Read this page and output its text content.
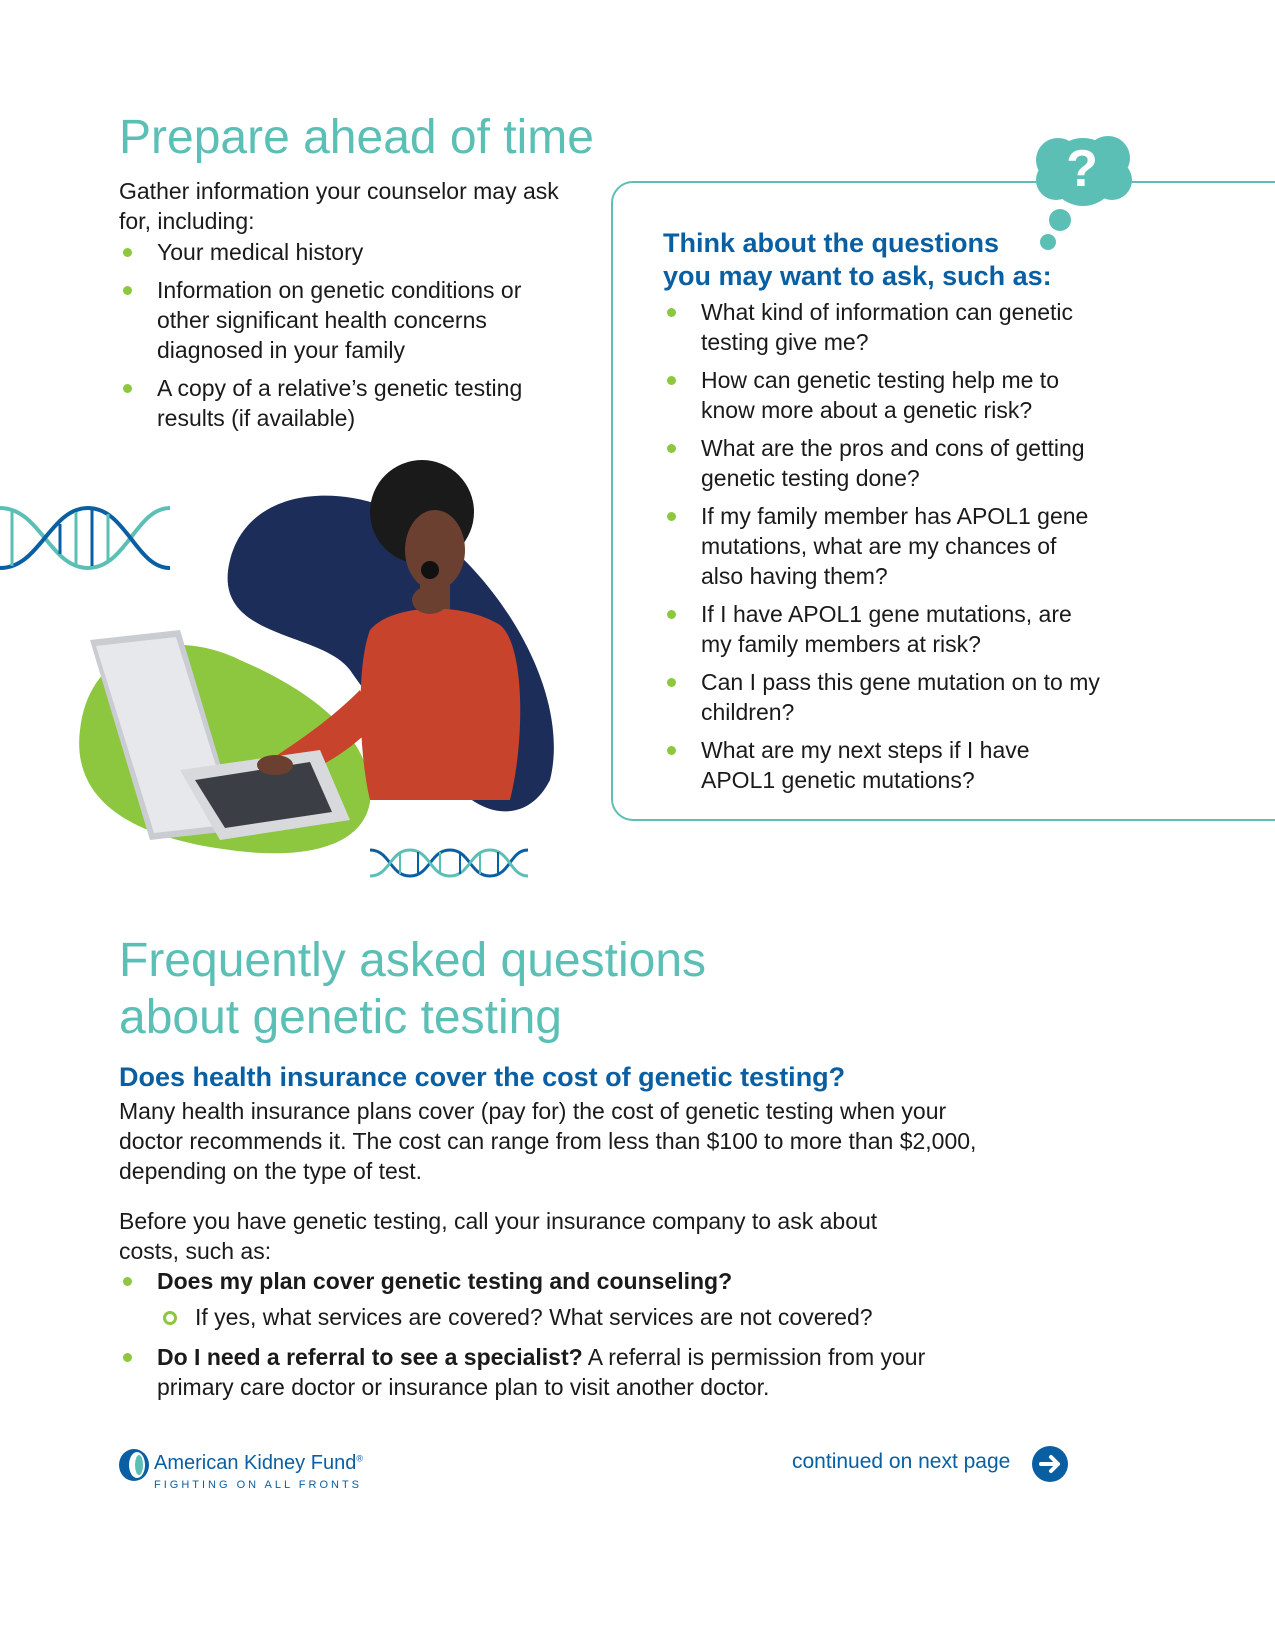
Prepare ahead of time

Gather information your counselor may ask for, including:

Your medical history
Information on genetic conditions or other significant health concerns diagnosed in your family
A copy of a relative’s genetic testing results (if available)
?
Think about the questions
you may want to ask, such as:
What kind of information can genetic testing give me?
How can genetic testing help me to know more about a genetic risk?
What are the pros and cons of getting genetic testing done?
If my family member has APOL1 gene mutations, what are my chances of also having them?
If I have APOL1 gene mutations, are my family members at risk?
Can I pass this gene mutation on to my children?
What are my next steps if I have APOL1 genetic mutations?
Frequently asked questions
about genetic testing
Does health insurance cover the cost of genetic testing?

Many health insurance plans cover (pay for) the cost of genetic testing when your doctor recommends it. The cost can range from less than $100 to more than $2,000, depending on the type of test.

Before you have genetic testing, call your insurance company to ask about costs, such as:

Does my plan cover genetic testing and counseling?
If yes, what services are covered? What services are not covered?
Do I need a referral to see a specialist? A referral is permission from your primary care doctor or insurance plan to visit another doctor.
American Kidney Fund®
FIGHTING ON ALL FRONTS
continued on next page
